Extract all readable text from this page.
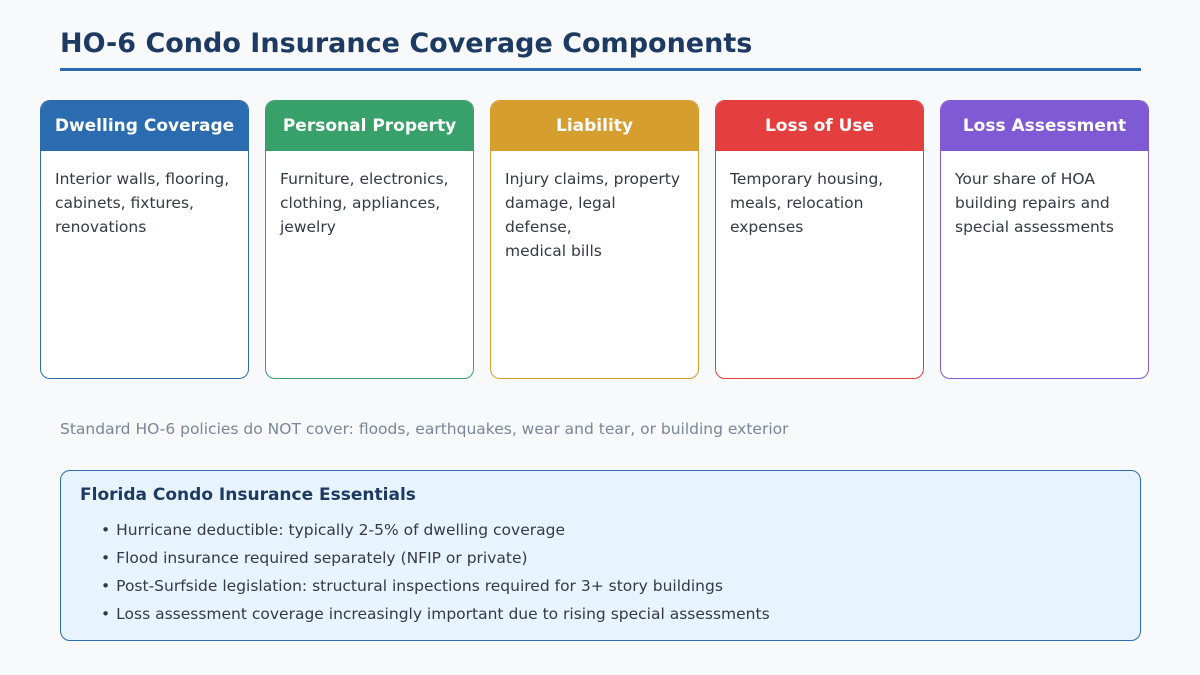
HO-6 Condo Insurance Coverage Components
Dwelling Coverage
Interior walls, flooring,
cabinets, fixtures,
renovations
Personal Property
Furniture, electronics,
clothing, appliances,
jewelry
Liability
Injury claims, property
damage, legal defense,
medical bills
Loss of Use
Temporary housing,
meals, relocation
expenses
Loss Assessment
Your share of HOA
building repairs and
special assessments
Standard HO-6 policies do NOT cover: floods, earthquakes, wear and tear, or building exterior
Florida Condo Insurance Essentials
• Hurricane deductible: typically 2-5% of dwelling coverage
• Flood insurance required separately (NFIP or private)
• Post-Surfside legislation: structural inspections required for 3+ story buildings
• Loss assessment coverage increasingly important due to rising special assessments
